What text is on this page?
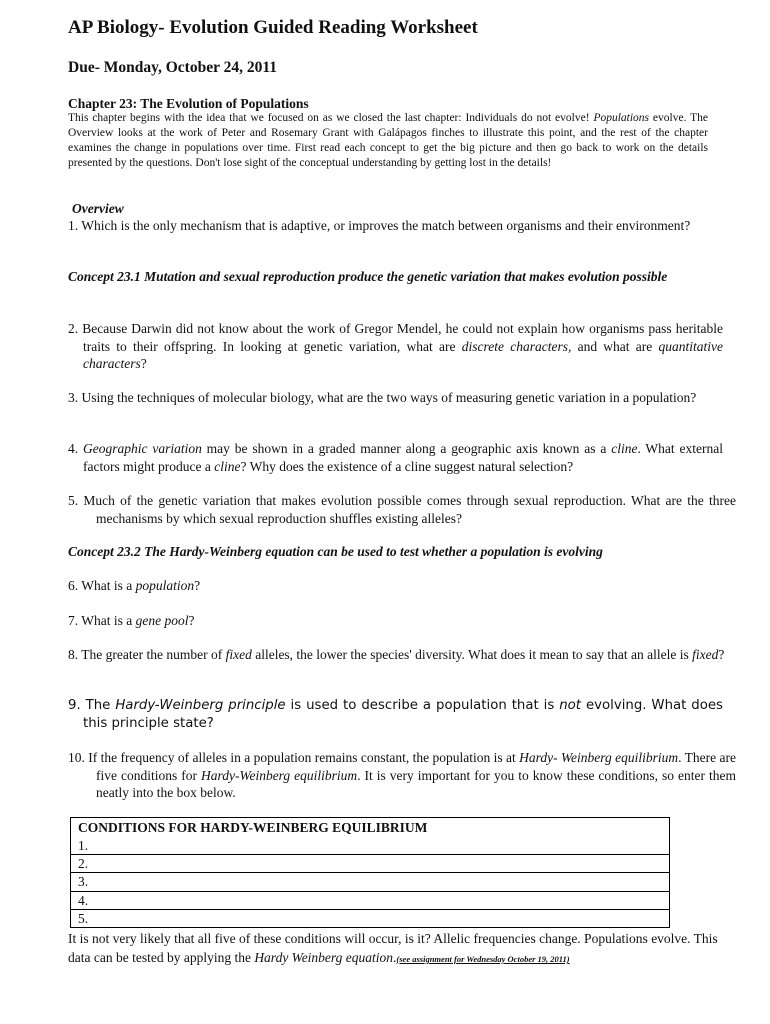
AP Biology- Evolution Guided Reading Worksheet
Due- Monday, October 24, 2011
Chapter 23: The Evolution of Populations
This chapter begins with the idea that we focused on as we closed the last chapter: Individuals do not evolve! Populations evolve. The Overview looks at the work of Peter and Rosemary Grant with Galápagos finches to illustrate this point, and the rest of the chapter examines the change in populations over time. First read each concept to get the big picture and then go back to work on the details presented by the questions. Don't lose sight of the conceptual understanding by getting lost in the details!
Overview
1. Which is the only mechanism that is adaptive, or improves the match between organisms and their environment?
Concept 23.1 Mutation and sexual reproduction produce the genetic variation that makes evolution possible
2. Because Darwin did not know about the work of Gregor Mendel, he could not explain how organisms pass heritable traits to their offspring. In looking at genetic variation, what are discrete characters, and what are quantitative characters?
3. Using the techniques of molecular biology, what are the two ways of measuring genetic variation in a population?
4. Geographic variation may be shown in a graded manner along a geographic axis known as a cline. What external factors might produce a cline? Why does the existence of a cline suggest natural selection?
5. Much of the genetic variation that makes evolution possible comes through sexual reproduction. What are the three mechanisms by which sexual reproduction shuffles existing alleles?
Concept 23.2 The Hardy-Weinberg equation can be used to test whether a population is evolving
6. What is a population?
7. What is a gene pool?
8. The greater the number of fixed alleles, the lower the species' diversity. What does it mean to say that an allele is fixed?
9. The Hardy-Weinberg principle is used to describe a population that is not evolving. What does this principle state?
10. If the frequency of alleles in a population remains constant, the population is at Hardy- Weinberg equilibrium. There are five conditions for Hardy-Weinberg equilibrium. It is very important for you to know these conditions, so enter them neatly into the box below.
CONDITIONS FOR HARDY-WEINBERG EQUILIBRIUM
1.
2.
3.
4.
5.
It is not very likely that all five of these conditions will occur, is it? Allelic frequencies change. Populations evolve. This data can be tested by applying the Hardy Weinberg equation.(see assignment for Wednesday October 19, 2011)
